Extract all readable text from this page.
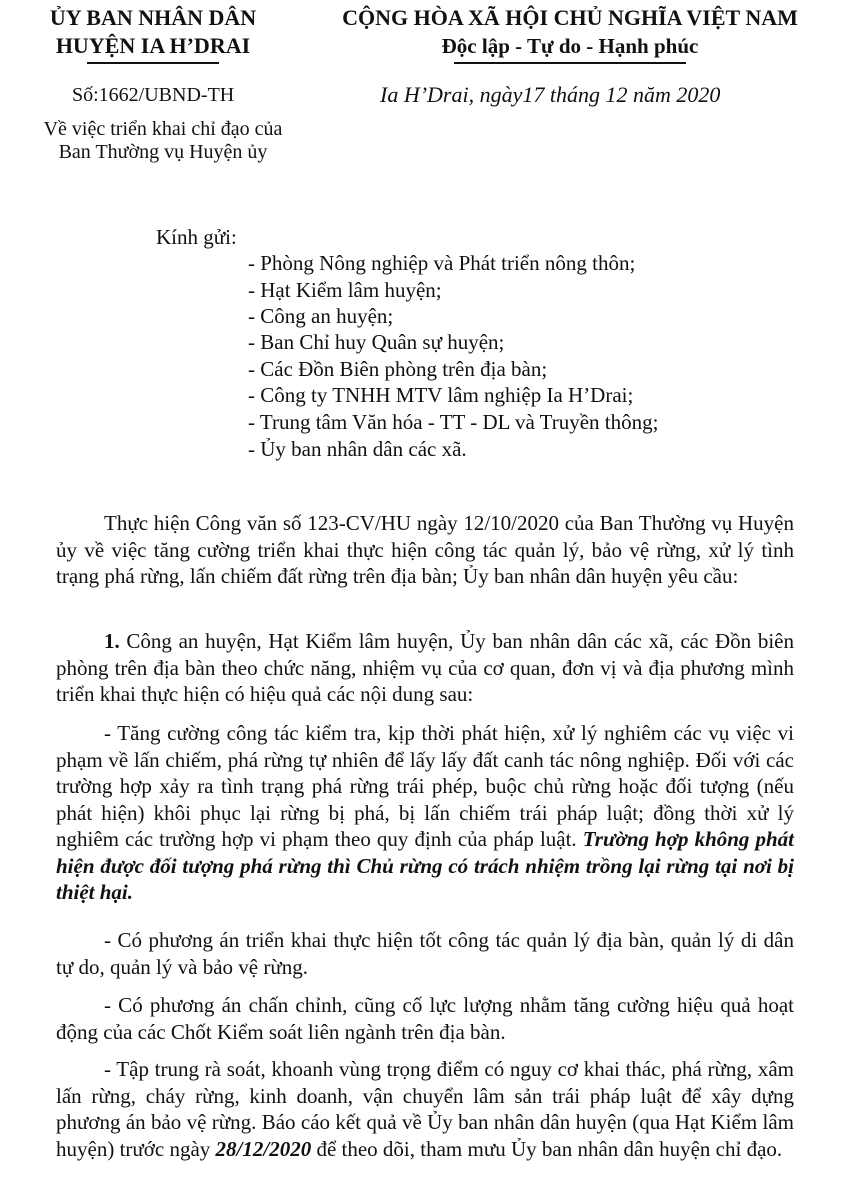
ỦY BAN NHÂN DÂN
HUYỆN IA H’DRAI
CỘNG HÒA XÃ HỘI CHỦ NGHĨA VIỆT NAM
Độc lập - Tự do - Hạnh phúc
Số:1662/UBND-TH	Ia H’Drai, ngày17 tháng 12 năm 2020
Về việc triển khai chỉ đạo của
Ban Thường vụ Huyện ủy
Kính gửi:
- Phòng Nông nghiệp và Phát triển nông thôn;
- Hạt Kiểm lâm huyện;
- Công an huyện;
- Ban Chỉ huy Quân sự huyện;
- Các Đồn Biên phòng trên địa bàn;
- Công ty TNHH MTV lâm nghiệp Ia H’Drai;
- Trung tâm Văn hóa - TT - DL và Truyền thông;
- Ủy ban nhân dân các xã.
Thực hiện Công văn số 123-CV/HU ngày 12/10/2020 của Ban Thường vụ Huyện ủy về việc tăng cường triển khai thực hiện công tác quản lý, bảo vệ rừng, xử lý tình trạng phá rừng, lấn chiếm đất rừng trên địa bàn; Ủy ban nhân dân huyện yêu cầu:
1. Công an huyện, Hạt Kiểm lâm huyện, Ủy ban nhân dân các xã, các Đồn biên phòng trên địa bàn theo chức năng, nhiệm vụ của cơ quan, đơn vị và địa phương mình triển khai thực hiện có hiệu quả các nội dung sau:
- Tăng cường công tác kiểm tra, kịp thời phát hiện, xử lý nghiêm các vụ việc vi phạm về lấn chiếm, phá rừng tự nhiên để lấy lấy đất canh tác nông nghiệp. Đối với các trường hợp xảy ra tình trạng phá rừng trái phép, buộc chủ rừng hoặc đối tượng (nếu phát hiện) khôi phục lại rừng bị phá, bị lấn chiếm trái pháp luật; đồng thời xử lý nghiêm các trường hợp vi phạm theo quy định của pháp luật. Trường hợp không phát hiện được đối tượng phá rừng thì Chủ rừng có trách nhiệm trồng lại rừng tại nơi bị thiệt hại.
- Có phương án triển khai thực hiện tốt công tác quản lý địa bàn, quản lý di dân tự do, quản lý và bảo vệ rừng.
- Có phương án chấn chỉnh, cũng cố lực lượng nhằm tăng cường hiệu quả hoạt động của các Chốt Kiểm soát liên ngành trên địa bàn.
- Tập trung rà soát, khoanh vùng trọng điểm có nguy cơ khai thác, phá rừng, xâm lấn rừng, cháy rừng, kinh doanh, vận chuyển lâm sản trái pháp luật để xây dựng phương án bảo vệ rừng. Báo cáo kết quả về Ủy ban nhân dân huyện (qua Hạt Kiểm lâm huyện) trước ngày 28/12/2020 để theo dõi, tham mưu Ủy ban nhân dân huyện chỉ đạo.
